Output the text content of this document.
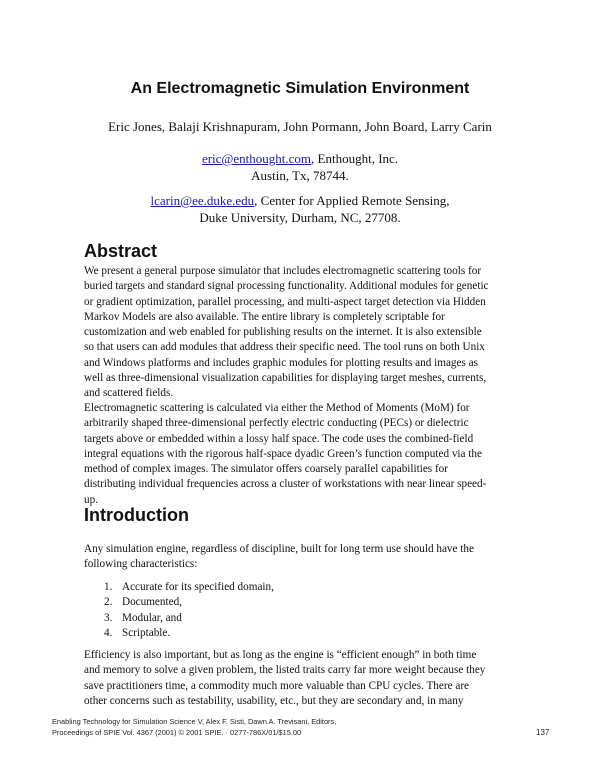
An Electromagnetic Simulation Environment
Eric Jones, Balaji Krishnapuram, John Pormann, John Board, Larry Carin
eric@enthought.com, Enthought, Inc.
Austin, Tx, 78744.
lcarin@ee.duke.edu, Center for Applied Remote Sensing,
Duke University, Durham, NC, 27708.
Abstract
We present a general purpose simulator that includes electromagnetic scattering tools for
buried targets and standard signal processing functionality. Additional modules for genetic
or gradient optimization, parallel processing, and multi-aspect target detection via Hidden
Markov Models are also available. The entire library is completely scriptable for
customization and web enabled for publishing results on the internet. It is also extensible
so that users can add modules that address their specific need. The tool runs on both Unix
and Windows platforms and includes graphic modules for plotting results and images as
well as three-dimensional visualization capabilities for displaying target meshes, currents,
and scattered fields.
Electromagnetic scattering is calculated via either the Method of Moments (MoM) for
arbitrarily shaped three-dimensional perfectly electric conducting (PECs) or dielectric
targets above or embedded within a lossy half space. The code uses the combined-field
integral equations with the rigorous half-space dyadic Green’s function computed via the
method of complex images. The simulator offers coarsely parallel capabilities for
distributing individual frequencies across a cluster of workstations with near linear speed-
up.
Introduction
Any simulation engine, regardless of discipline, built for long term use should have the
following characteristics:
1. Accurate for its specified domain,
2. Documented,
3. Modular, and
4. Scriptable.
Efficiency is also important, but as long as the engine is “efficient enough” in both time
and memory to solve a given problem, the listed traits carry far more weight because they
save practitioners time, a commodity much more valuable than CPU cycles. There are
other concerns such as testability, usability, etc., but they are secondary and, in many
Enabling Technology for Simulation Science V, Alex F. Sisti, Dawn A. Trevisani, Editors,
Proceedings of SPIE Vol. 4367 (2001) © 2001 SPIE. · 0277-786X/01/$15.00	137
